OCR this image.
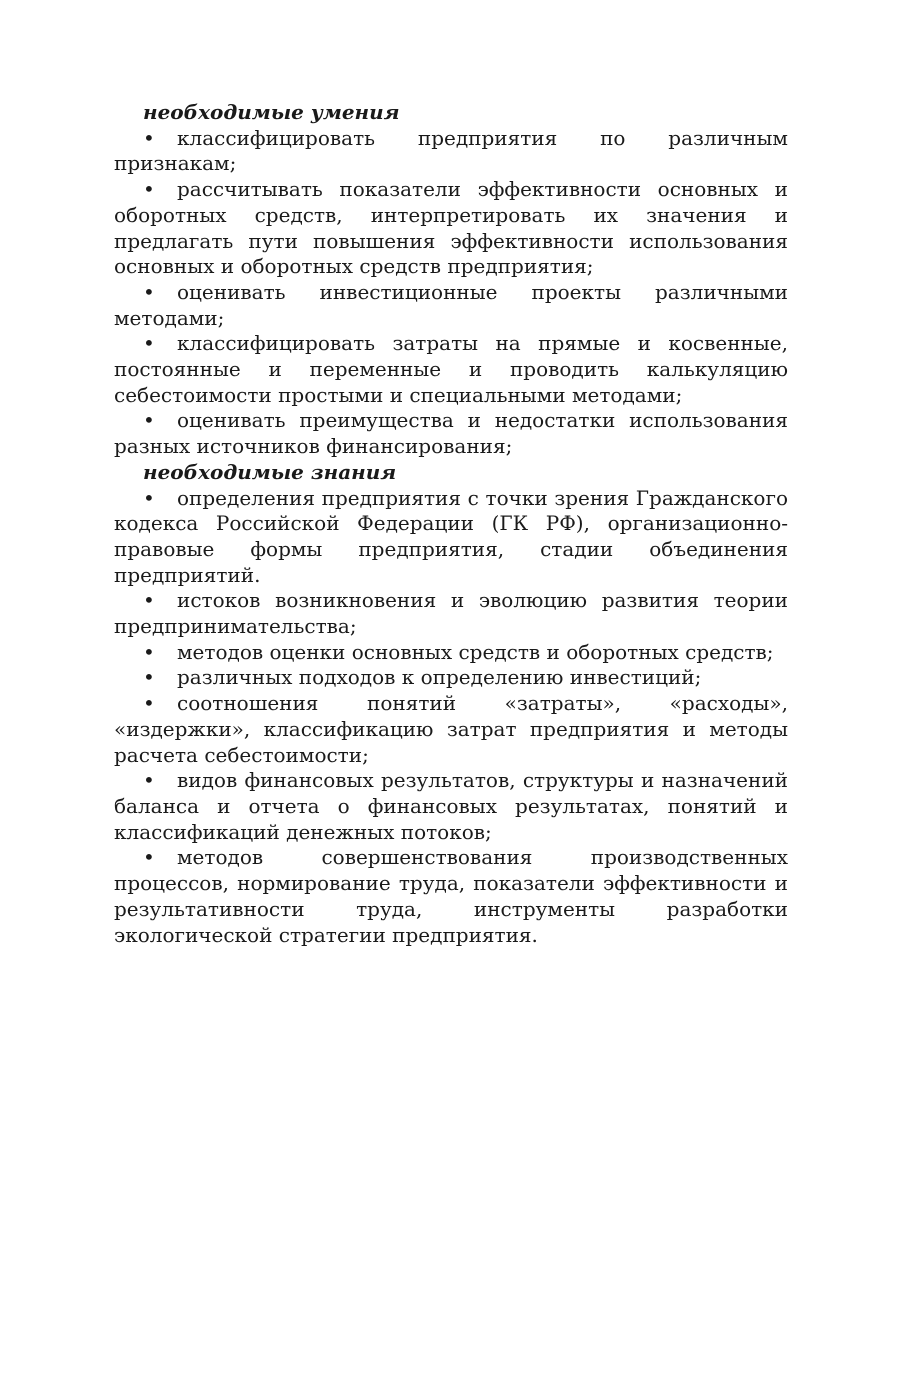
необходимые умения

• классифицировать предприятия по различным признакам;

• рассчитывать показатели эффективности основных и оборотных средств, интерпретировать их значения и предлагать пути повышения эффективности использования основных и оборотных средств предприятия;

• оценивать инвестиционные проекты различными методами;

• классифицировать затраты на прямые и косвенные, постоянные и переменные и проводить калькуляцию себестоимости простыми и специальными методами;

• оценивать преимущества и недостатки использования разных источников финансирования;

необходимые знания

• определения предприятия с точки зрения Гражданского кодекса Российской Федерации (ГК РФ), организационно-правовые формы предприятия, стадии объединения предприятий.

• истоков возникновения и эволюцию развития теории предпринимательства;

• методов оценки основных средств и оборотных средств;

• различных подходов к определению инвестиций;

• соотношения понятий «затраты», «расходы», «издержки», классификацию затрат предприятия и методы расчета себестоимости;

• видов финансовых результатов, структуры и назначений баланса и отчета о финансовых результатах, понятий и классификаций денежных потоков;

• методов совершенствования производственных процессов, нормирование труда, показатели эффективности и результативности труда, инструменты разработки экологической стратегии предприятия.
